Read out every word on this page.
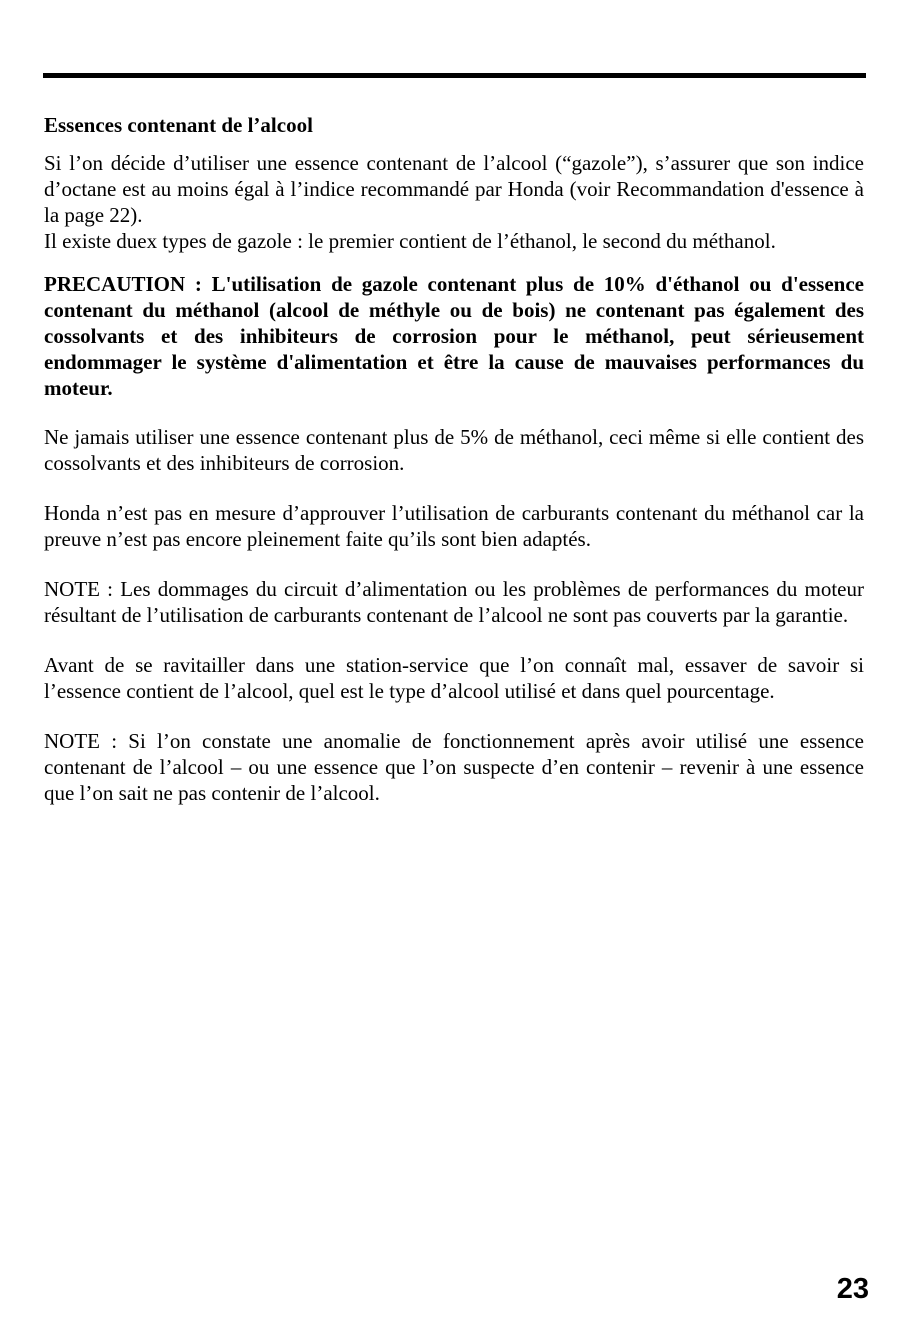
Essences contenant de l’alcool

Si l’on décide d’utiliser une essence contenant de l’alcool (“gazole”), s’assurer que son indice d’octane est au moins égal à l’indice recommandé par Honda (voir Recommandation d'essence à la page 22).

Il existe duex types de gazole : le premier contient de l’éthanol, le second du méthanol.

PRECAUTION : L'utilisation de gazole contenant plus de 10% d'éthanol ou d'essence contenant du méthanol (alcool de méthyle ou de bois) ne contenant pas également des cossolvants et des inhibiteurs de corrosion pour le méthanol, peut sérieusement endommager le système d'alimentation et être la cause de mauvaises performances du moteur.

Ne jamais utiliser une essence contenant plus de 5% de méthanol, ceci même si elle contient des cossolvants et des inhibiteurs de corrosion.

Honda n’est pas en mesure d’approuver l’utilisation de carburants contenant du méthanol car la preuve n’est pas encore pleinement faite qu’ils sont bien adaptés.

NOTE : Les dommages du circuit d’alimentation ou les problèmes de performances du moteur résultant de l’utilisation de carburants contenant de l’alcool ne sont pas couverts par la garantie.

Avant de se ravitailler dans une station-service que l’on connaît mal, essaver de savoir si l’essence contient de l’alcool, quel est le type d’alcool utilisé et dans quel pourcentage.

NOTE : Si l’on constate une anomalie de fonctionnement après avoir utilisé une essence contenant de l’alcool – ou une essence que l’on suspecte d’en contenir – revenir à une essence que l’on sait ne pas contenir de l’alcool.

23
